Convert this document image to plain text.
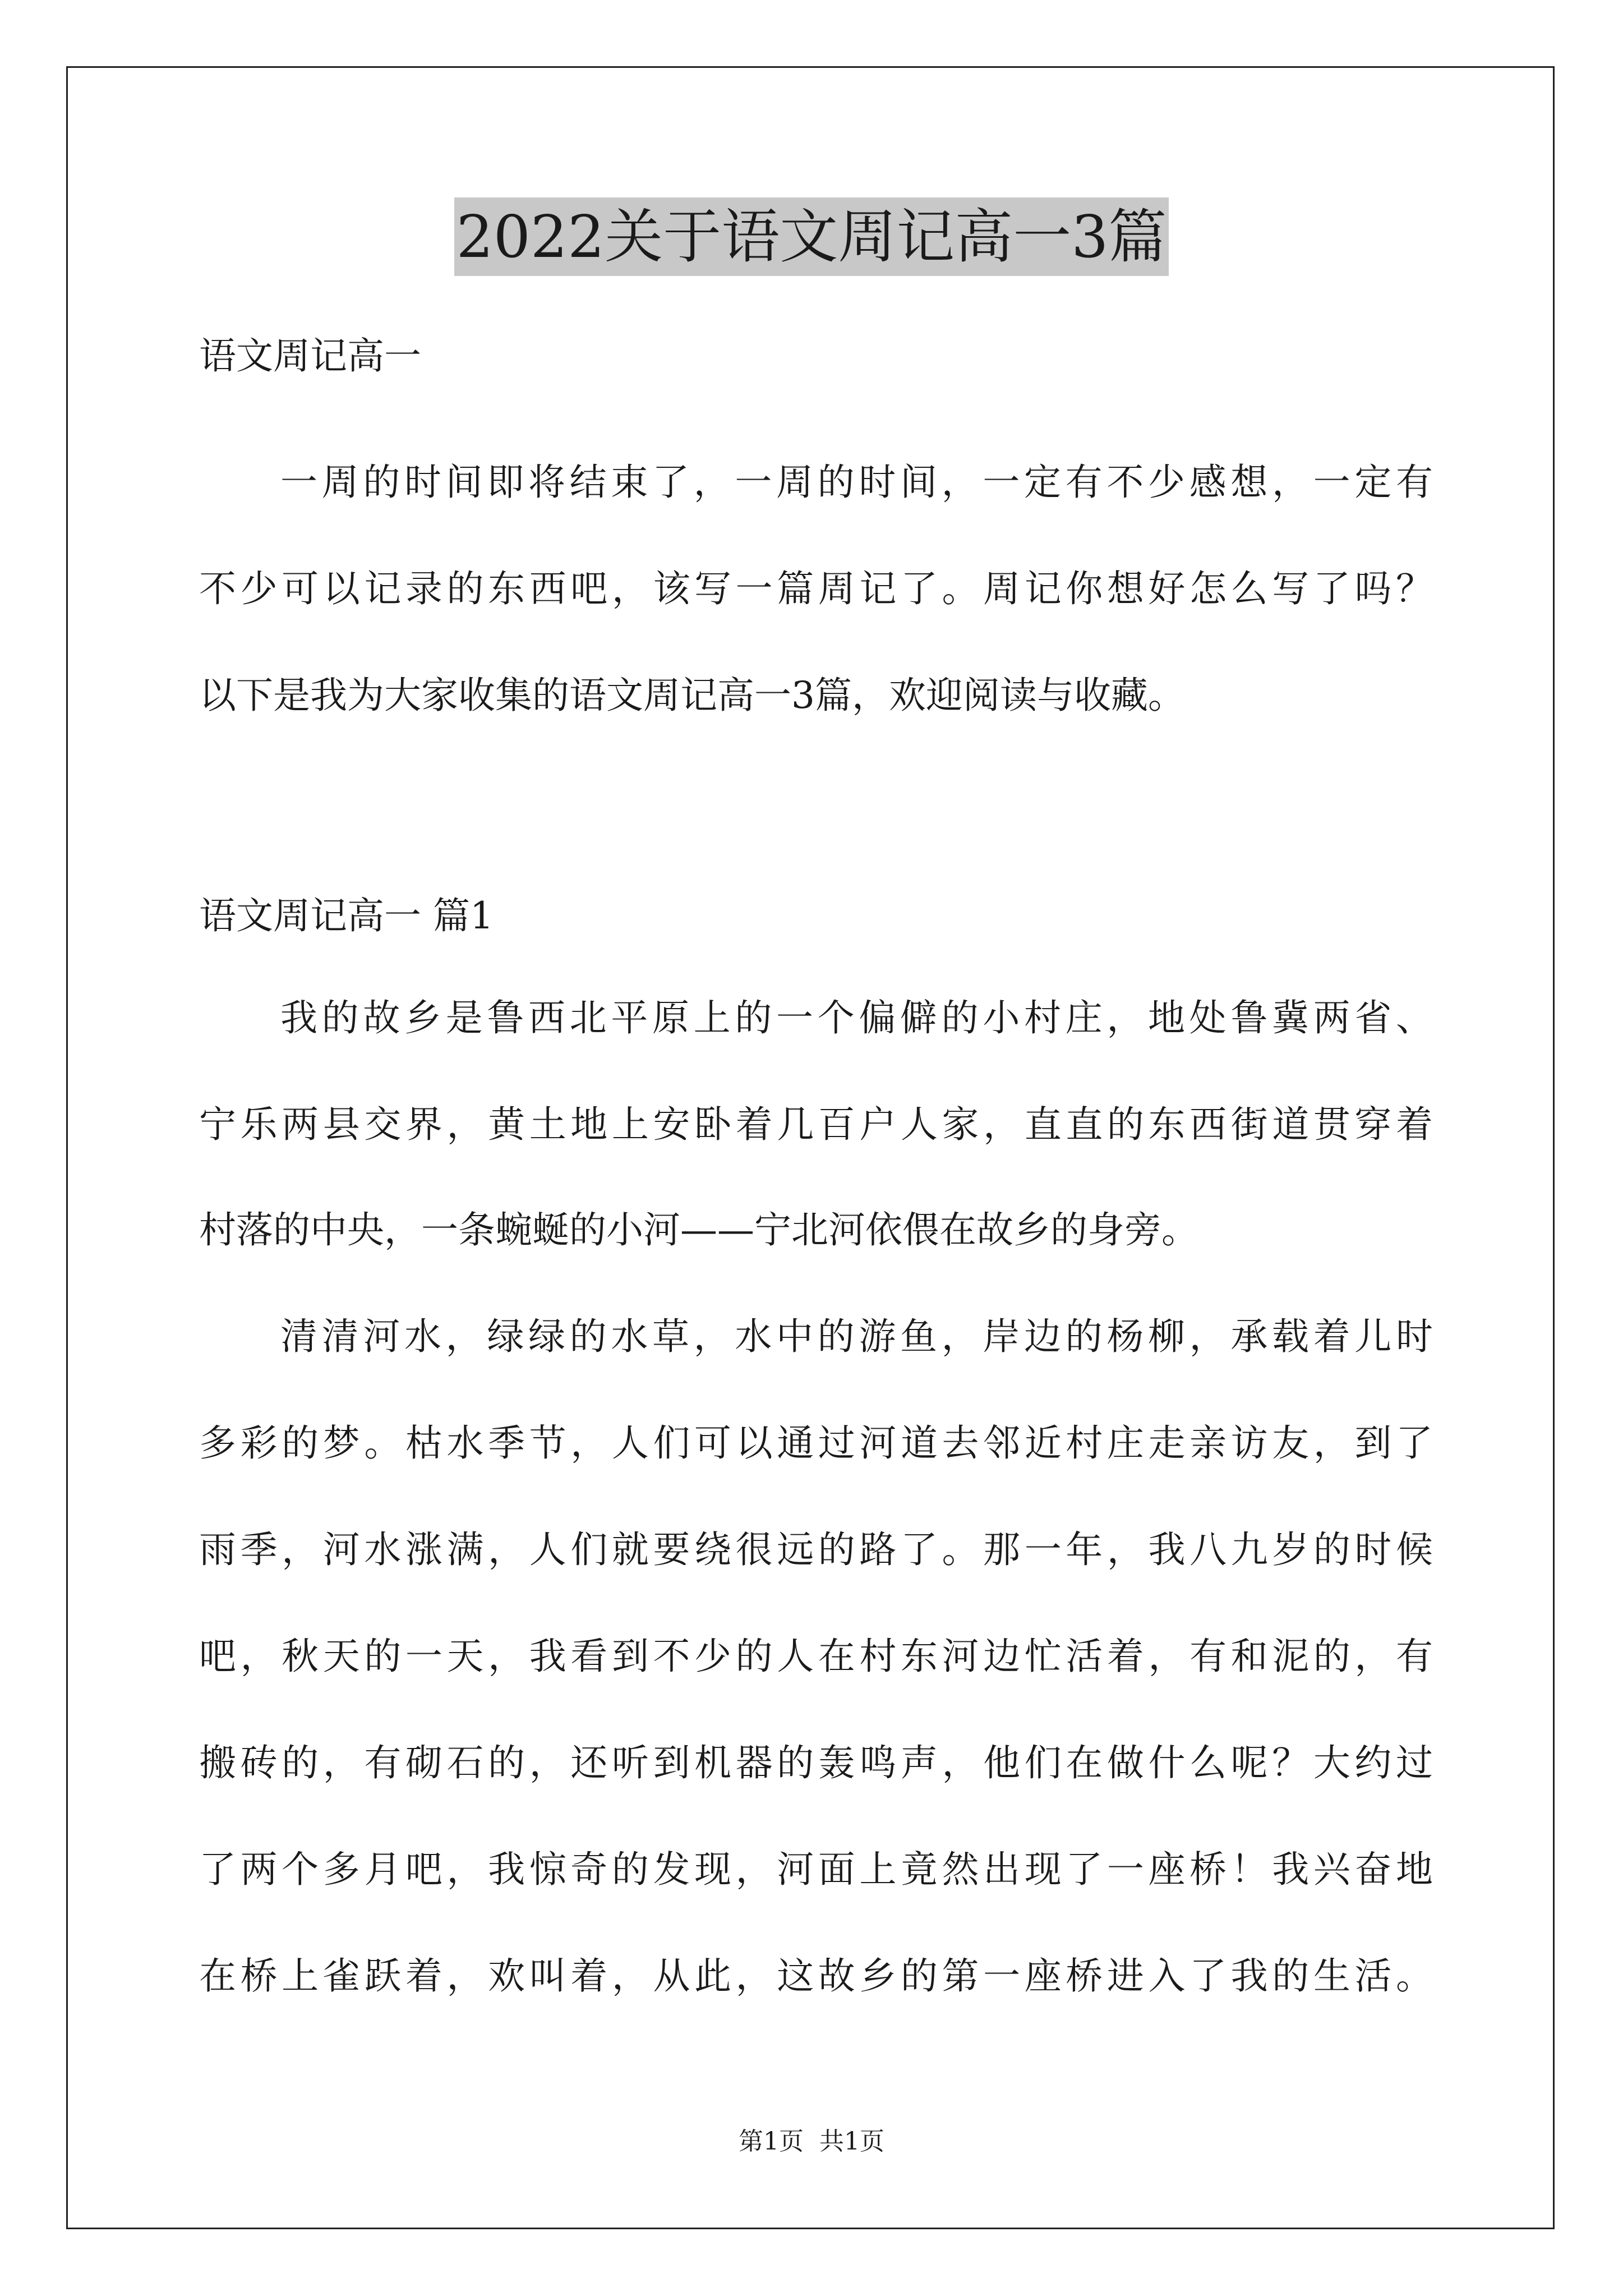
2022关于语文周记高一3篇
语文周记高一
一周的时间即将结束了，一周的时间，一定有不少感想，一定有
不少可以记录的东西吧，该写一篇周记了。周记你想好怎么写了吗？
以下是我为大家收集的语文周记高一3篇，欢迎阅读与收藏。
语文周记高一 篇1
我的故乡是鲁西北平原上的一个偏僻的小村庄，地处鲁冀两省、
宁乐两县交界，黄土地上安卧着几百户人家，直直的东西街道贯穿着
村落的中央，一条蜿蜒的小河——宁北河依偎在故乡的身旁。
清清河水，绿绿的水草，水中的游鱼，岸边的杨柳，承载着儿时
多彩的梦。枯水季节，人们可以通过河道去邻近村庄走亲访友，到了
雨季，河水涨满，人们就要绕很远的路了。那一年，我八九岁的时候
吧，秋天的一天，我看到不少的人在村东河边忙活着，有和泥的，有
搬砖的，有砌石的，还听到机器的轰鸣声，他们在做什么呢？大约过
了两个多月吧，我惊奇的发现，河面上竟然出现了一座桥！我兴奋地
在桥上雀跃着，欢叫着，从此，这故乡的第一座桥进入了我的生活。
第1页 共1页
